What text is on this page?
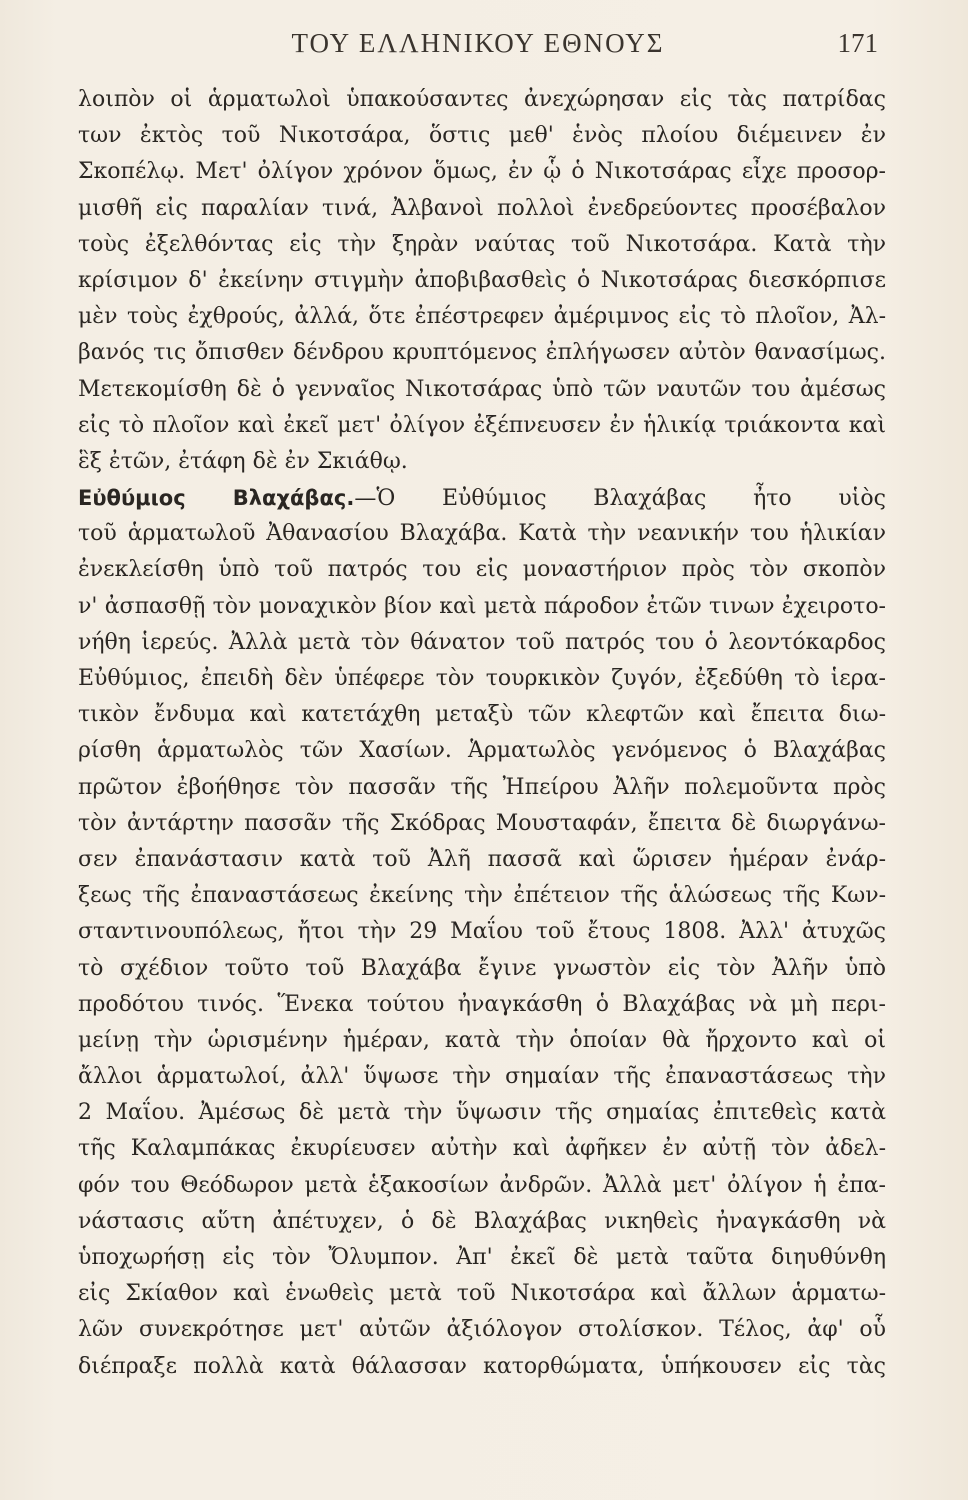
ΤΟΥ ΕΛΛΗΝΙΚΟΥ ΕΘΝΟΥΣ	171
λοιπὸν οἱ ἁρματωλοὶ ὑπακούσαντες ἀνεχώρησαν εἰς τὰς πατρίδας
των ἐκτὸς τοῦ Νικοτσάρα, ὅστις μεθ' ἑνὸς πλοίου διέμεινεν ἐν
Σκοπέλῳ. Μετ' ὀλίγον χρόνον ὅμως, ἐν ᾧ ὁ Νικοτσάρας εἶχε προσορ-
μισθῆ εἰς παραλίαν τινά, Ἀλβανοὶ πολλοὶ ἐνεδρεύοντες προσέβαλον
τοὺς ἐξελθόντας εἰς τὴν ξηρὰν ναύτας τοῦ Νικοτσάρα. Κατὰ τὴν
κρίσιμον δ' ἐκείνην στιγμὴν ἀποβιβασθεὶς ὁ Νικοτσάρας διεσκόρπισε
μὲν τοὺς ἐχθρούς, ἀλλά, ὅτε ἐπέστρεφεν ἀμέριμνος εἰς τὸ πλοῖον, Ἀλ-
βανός τις ὄπισθεν δένδρου κρυπτόμενος ἐπλήγωσεν αὐτὸν θανασίμως.
Μετεκομίσθη δὲ ὁ γενναῖος Νικοτσάρας ὑπὸ τῶν ναυτῶν του ἀμέσως
εἰς τὸ πλοῖον καὶ ἐκεῖ μετ' ὀλίγον ἐξέπνευσεν ἐν ἡλικίᾳ τριάκοντα καὶ
ἓξ ἐτῶν, ἐτάφη δὲ ἐν Σκιάθῳ.
Εὐθύμιος Βλαχάβας.—Ὁ Εὐθύμιος Βλαχάβας ἦτο υἱὸς
τοῦ ἁρματωλοῦ Ἀθανασίου Βλαχάβα. Κατὰ τὴν νεανικήν του ἡλικίαν
ἐνεκλείσθη ὑπὸ τοῦ πατρός του εἰς μοναστήριον πρὸς τὸν σκοπὸν
ν' ἀσπασθῇ τὸν μοναχικὸν βίον καὶ μετὰ πάροδον ἐτῶν τινων ἐχειροτο-
νήθη ἱερεύς. Ἀλλὰ μετὰ τὸν θάνατον τοῦ πατρός του ὁ λεοντόκαρδος
Εὐθύμιος, ἐπειδὴ δὲν ὑπέφερε τὸν τουρκικὸν ζυγόν, ἐξεδύθη τὸ ἱερα-
τικὸν ἔνδυμα καὶ κατετάχθη μεταξὺ τῶν κλεφτῶν καὶ ἔπειτα διω-
ρίσθη ἁρματωλὸς τῶν Χασίων. Ἁρματωλὸς γενόμενος ὁ Βλαχάβας
πρῶτον ἐβοήθησε τὸν πασσᾶν τῆς Ἠπείρου Ἀλῆν πολεμοῦντα πρὸς
τὸν ἀντάρτην πασσᾶν τῆς Σκόδρας Μουσταφάν, ἔπειτα δὲ διωργάνω-
σεν ἐπανάστασιν κατὰ τοῦ Ἀλῆ πασσᾶ καὶ ὥρισεν ἡμέραν ἐνάρ-
ξεως τῆς ἐπαναστάσεως ἐκείνης τὴν ἐπέτειον τῆς ἁλώσεως τῆς Κων-
σταντινουπόλεως, ἤτοι τὴν 29 Μαΐου τοῦ ἔτους 1808. Ἀλλ' ἀτυχῶς
τὸ σχέδιον τοῦτο τοῦ Βλαχάβα ἔγινε γνωστὸν εἰς τὸν Ἀλῆν ὑπὸ
προδότου τινός. Ἕνεκα τούτου ἠναγκάσθη ὁ Βλαχάβας νὰ μὴ περι-
μείνῃ τὴν ὡρισμένην ἡμέραν, κατὰ τὴν ὁποίαν θὰ ἤρχοντο καὶ οἱ
ἄλλοι ἁρματωλοί, ἀλλ' ὕψωσε τὴν σημαίαν τῆς ἐπαναστάσεως τὴν
2 Μαΐου. Ἀμέσως δὲ μετὰ τὴν ὕψωσιν τῆς σημαίας ἐπιτεθεὶς κατὰ
τῆς Καλαμπάκας ἐκυρίευσεν αὐτὴν καὶ ἀφῆκεν ἐν αὐτῇ τὸν ἀδελ-
φόν του Θεόδωρον μετὰ ἑξακοσίων ἀνδρῶν. Ἀλλὰ μετ' ὀλίγον ἡ ἐπα-
νάστασις αὕτη ἀπέτυχεν, ὁ δὲ Βλαχάβας νικηθεὶς ἠναγκάσθη νὰ
ὑποχωρήσῃ εἰς τὸν Ὄλυμπον. Ἀπ' ἐκεῖ δὲ μετὰ ταῦτα διηυθύνθη
εἰς Σκίαθον καὶ ἑνωθεὶς μετὰ τοῦ Νικοτσάρα καὶ ἄλλων ἁρματω-
λῶν συνεκρότησε μετ' αὐτῶν ἀξιόλογον στολίσκον. Τέλος, ἀφ' οὗ
διέπραξε πολλὰ κατὰ θάλασσαν κατορθώματα, ὑπήκουσεν εἰς τὰς
